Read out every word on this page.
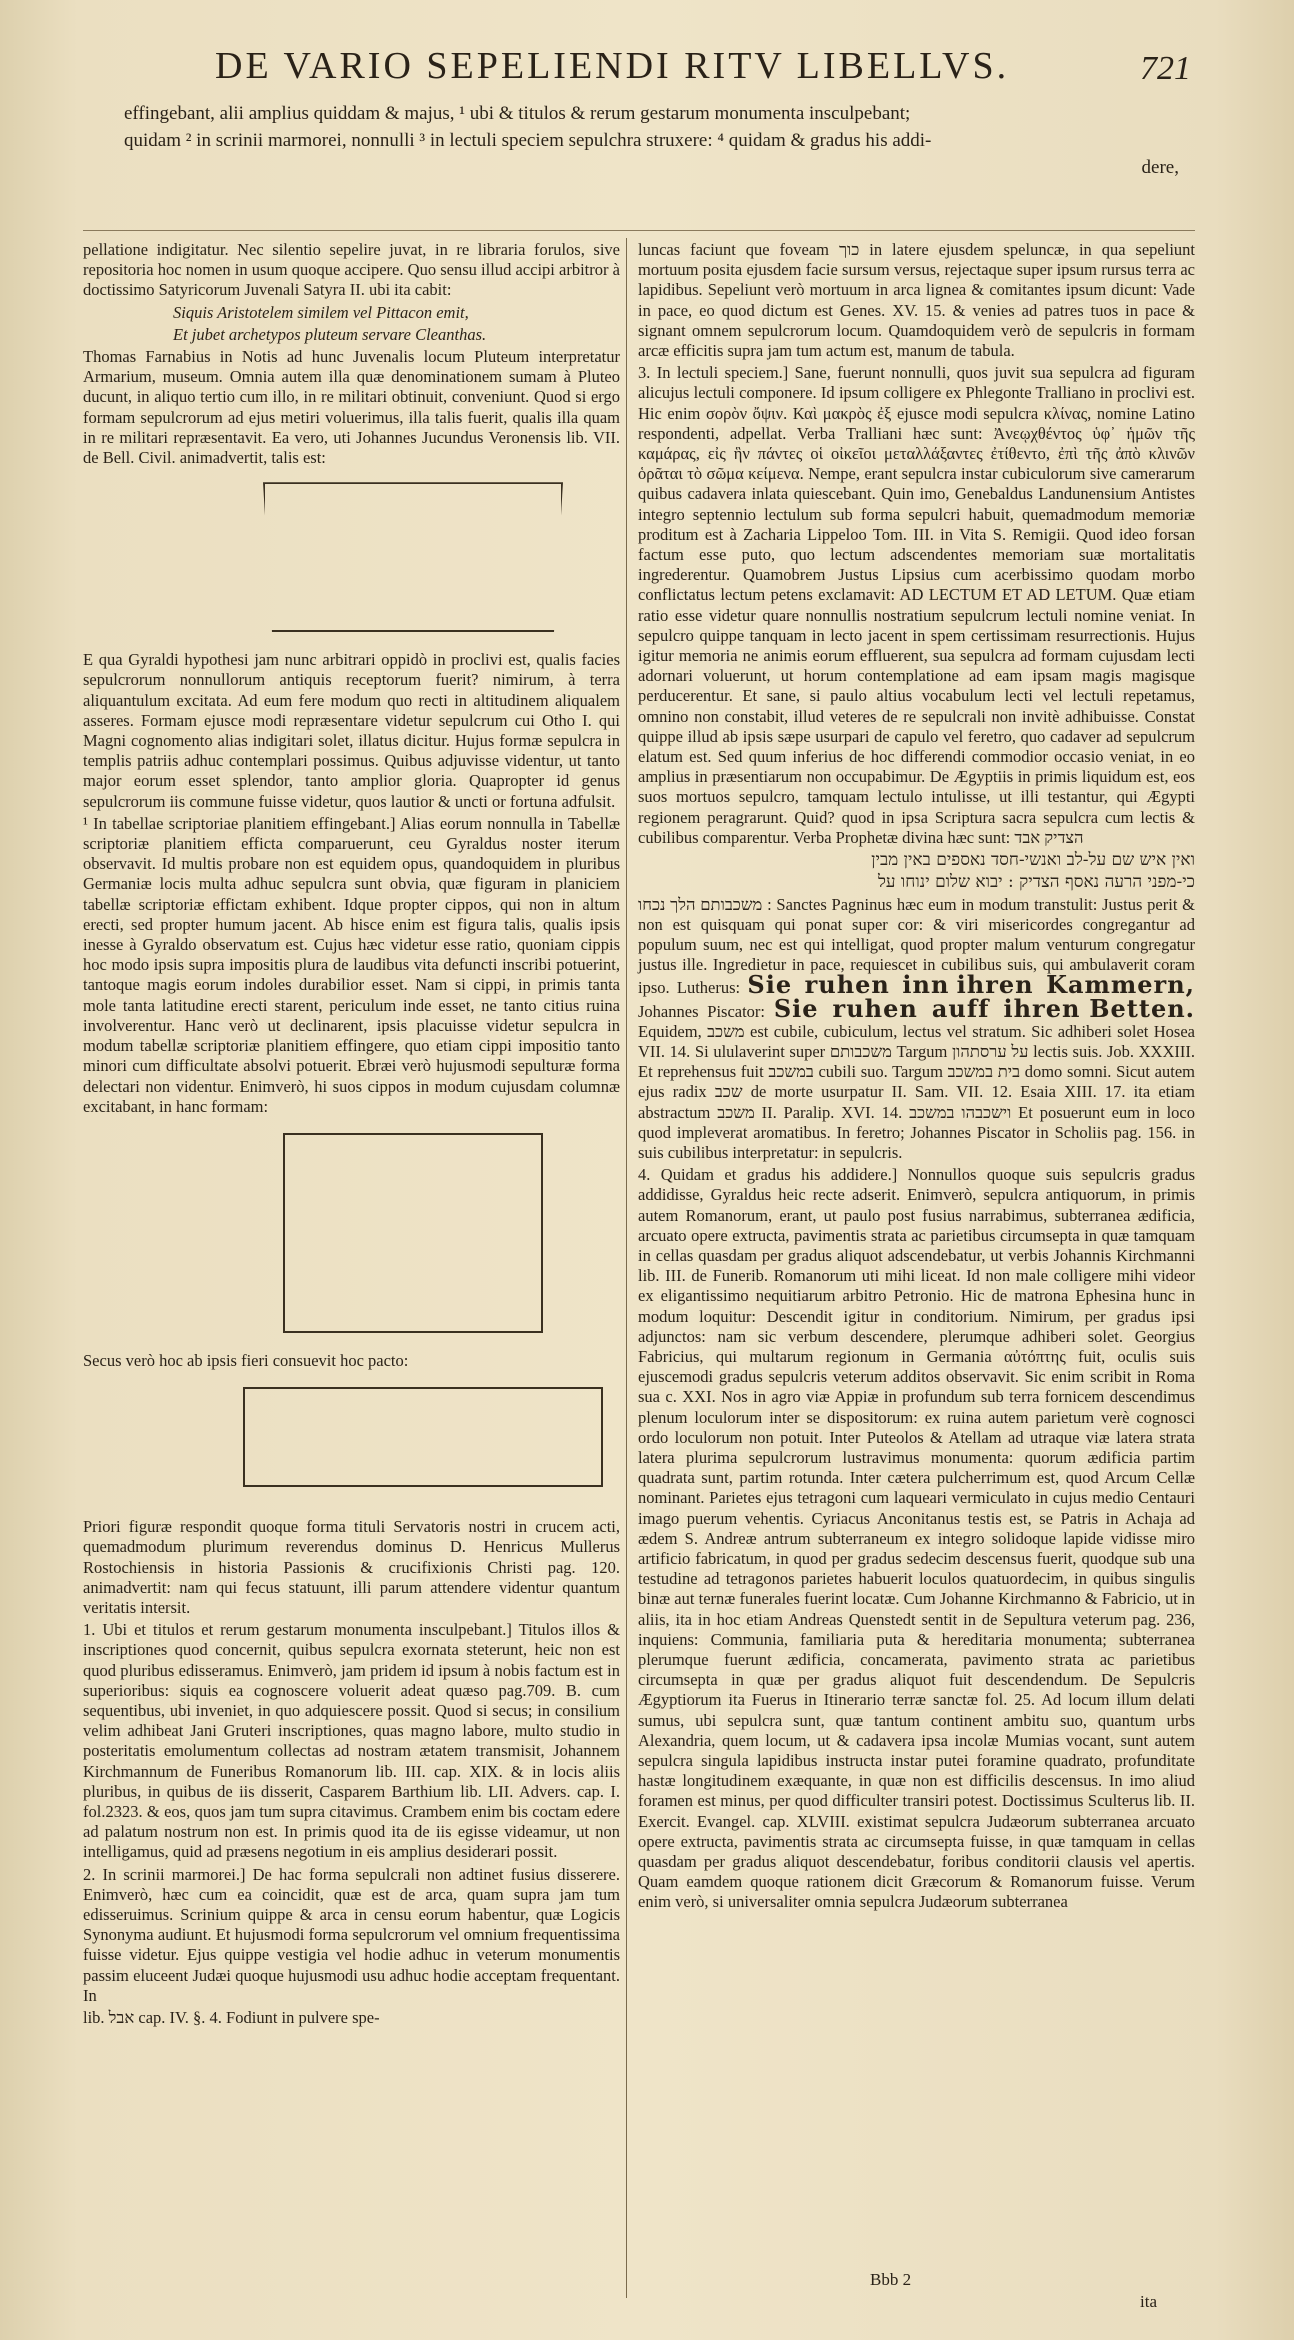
DE VARIO SEPELIENDI RITV LIBELLVS.	721

effingebant, alii amplius quiddam & majus, ¹ ubi & titulos & rerum gestarum monumenta insculpebant;

quidam ² in scrinii marmorei, nonnulli ³ in lectuli speciem sepulchra struxere: ⁴ quidam & gradus his addi-

dere,

pellatione indigitatur. Nec silentio sepelire juvat, in re libraria forulos, sive repositoria hoc nomen in usum quoque accipere. Quo sensu illud accipi arbitror à doctissimo Satyricorum Juvenali Satyra II. ubi ita cabit:

Siquis Aristotelem similem vel Pittacon emit,

Et jubet archetypos pluteum servare Cleanthas.

Thomas Farnabius in Notis ad hunc Juvenalis locum Pluteum interpretatur Armarium, museum. Omnia autem illa quæ denominationem sumam à Pluteo ducunt, in aliquo tertio cum illo, in re militari obtinuit, conveniunt. Quod si ergo formam sepulcrorum ad ejus metiri voluerimus, illa talis fuerit, qualis illa quam in re militari repræsentavit. Ea vero, uti Johannes Jucundus Veronensis lib. VII. de Bell. Civil. animadvertit, talis est:

E qua Gyraldi hypothesi jam nunc arbitrari oppidò in proclivi est, qualis facies sepulcrorum nonnullorum antiquis receptorum fuerit? nimirum, à terra aliquantulum excitata. Ad eum fere modum quo recti in altitudinem aliqualem asseres. Formam ejusce modi repræsentare videtur sepulcrum cui Otho I. qui Magni cognomento alias indigitari solet, illatus dicitur. Hujus formæ sepulcra in templis patriis adhuc contemplari possimus. Quibus adjuvisse videntur, ut tanto major eorum esset splendor, tanto amplior gloria. Quapropter id genus sepulcrorum iis commune fuisse videtur, quos lautior & uncti or fortuna adfulsit.

¹ In tabellae scriptoriae planitiem effingebant.] Alias eorum nonnulla in Tabellæ scriptoriæ planitiem efficta comparuerunt, ceu Gyraldus noster iterum observavit. Id multis probare non est equidem opus, quandoquidem in pluribus Germaniæ locis multa adhuc sepulcra sunt obvia, quæ figuram in planiciem tabellæ scriptoriæ effictam exhibent. Idque propter cippos, qui non in altum erecti, sed propter humum jacent. Ab hisce enim est figura talis, qualis ipsis inesse à Gyraldo observatum est. Cujus hæc videtur esse ratio, quoniam cippis hoc modo ipsis supra impositis plura de laudibus vita defuncti inscribi potuerint, tantoque magis eorum indoles durabilior esset. Nam si cippi, in primis tanta mole tanta latitudine erecti starent, periculum inde esset, ne tanto citius ruina involverentur. Hanc verò ut declinarent, ipsis placuisse videtur sepulcra in modum tabellæ scriptoriæ planitiem effingere, quo etiam cippi impositio tanto minori cum difficultate absolvi potuerit. Ebræi verò hujusmodi sepulturæ forma delectari non videntur. Enimverò, hi suos cippos in modum cujusdam columnæ excitabant, in hanc formam:

Secus verò hoc ab ipsis fieri consuevit hoc pacto:

Priori figuræ respondit quoque forma tituli Servatoris nostri in crucem acti, quemadmodum plurimum reverendus dominus D. Henricus Mullerus Rostochiensis in historia Passionis & crucifixionis Christi pag. 120. animadvertit: nam qui fecus statuunt, illi parum attendere videntur quantum veritatis intersit.

1. Ubi et titulos et rerum gestarum monumenta insculpebant.] Titulos illos & inscriptiones quod concernit, quibus sepulcra exornata steterunt, heic non est quod pluribus edisseramus. Enimverò, jam pridem id ipsum à nobis factum est in superioribus: siquis ea cognoscere voluerit adeat quæso pag.709. B. cum sequentibus, ubi inveniet, in quo adquiescere possit. Quod si secus; in consilium velim adhibeat Jani Gruteri inscriptiones, quas magno labore, multo studio in posteritatis emolumentum collectas ad nostram ætatem transmisit, Johannem Kirchmannum de Funeribus Romanorum lib. III. cap. XIX. & in locis aliis pluribus, in quibus de iis disserit, Casparem Barthium lib. LII. Advers. cap. I. fol.2323. & eos, quos jam tum supra citavimus. Crambem enim bis coctam edere ad palatum nostrum non est. In primis quod ita de iis egisse videamur, ut non intelligamus, quid ad præsens negotium in eis amplius desiderari possit.

2. In scrinii marmorei.] De hac forma sepulcrali non adtinet fusius disserere. Enimverò, hæc cum ea coincidit, quæ est de arca, quam supra jam tum edisseruimus. Scrinium quippe & arca in censu eorum habentur, quæ Logicis Synonyma audiunt. Et hujusmodi forma sepulcrorum vel omnium frequentissima fuisse videtur. Ejus quippe vestigia vel hodie adhuc in veterum monumentis passim eluceent Judæi quoque hujusmodi usu adhuc hodie acceptam frequentant. In

lib. אבל cap. IV. §. 4. Fodiunt in pulvere spe-

luncas faciunt que foveam כוך in latere ejusdem speluncæ, in qua sepeliunt mortuum posita ejusdem facie sursum versus, rejectaque super ipsum rursus terra ac lapidibus. Sepeliunt verò mortuum in arca lignea & comitantes ipsum dicunt: Vade in pace, eo quod dictum est Genes. XV. 15. & venies ad patres tuos in pace & signant omnem sepulcrorum locum. Quamdoquidem verò de sepulcris in formam arcæ efficitis supra jam tum actum est, manum de tabula.

3. In lectuli speciem.] Sane, fuerunt nonnulli, quos juvit sua sepulcra ad figuram alicujus lectuli componere. Id ipsum colligere ex Phlegonte Tralliano in proclivi est. Hic enim σορὸν ὄψιν. Καὶ μακρὸς ἐξ ejusce modi sepulcra κλίνας, nomine Latino respondenti, adpellat. Verba Tralliani hæc sunt: Ἀνεῳχθέντος ὑφ᾽ ἡμῶν τῆς καμάρας, εἰς ἣν πάντες οἱ οἰκεῖοι μεταλλάξαντες ἐτίθεντο, ἐπὶ τῆς ἀπὸ κλινῶν ὁρᾶται τὸ σῶμα κείμενα. Nempe, erant sepulcra instar cubiculorum sive camerarum quibus cadavera inlata quiescebant. Quin imo, Genebaldus Landunensium Antistes integro septennio lectulum sub forma sepulcri habuit, quemadmodum memoriæ proditum est à Zacharia Lippeloo Tom. III. in Vita S. Remigii. Quod ideo forsan factum esse puto, quo lectum adscendentes memoriam suæ mortalitatis ingrederentur. Quamobrem Justus Lipsius cum acerbissimo quodam morbo conflictatus lectum petens exclamavit: AD LECTUM ET AD LETUM. Quæ etiam ratio esse videtur quare nonnullis nostratium sepulcrum lectuli nomine veniat. In sepulcro quippe tanquam in lecto jacent in spem certissimam resurrectionis. Hujus igitur memoria ne animis eorum effluerent, sua sepulcra ad formam cujusdam lecti adornari voluerunt, ut horum contemplatione ad eam ipsam magis magisque perducerentur. Et sane, si paulo altius vocabulum lecti vel lectuli repetamus, omnino non constabit, illud veteres de re sepulcrali non invitè adhibuisse. Constat quippe illud ab ipsis sæpe usurpari de capulo vel feretro, quo cadaver ad sepulcrum elatum est. Sed quum inferius de hoc differendi commodior occasio veniat, in eo amplius in præsentiarum non occupabimur. De Ægyptiis in primis liquidum est, eos suos mortuos sepulcro, tamquam lectulo intulisse, ut illi testantur, qui Ægypti regionem peragrarunt. Quid? quod in ipsa Scriptura sacra sepulcra cum lectis & cubilibus comparentur. Verba Prophetæ divina hæc sunt: הצדיק אבד

ואין איש שם על-לב ואנשי-חסד נאספים באין מבין

כי-מפני הרעה נאסף הצדיק : יבוא שלום ינוחו על

משכבותם הלך נכחו : Sanctes Pagninus hæc eum in modum transtulit: Justus perit & non est quisquam qui ponat super cor: & viri misericordes congregantur ad populum suum, nec est qui intelligat, quod propter malum venturum congregatur justus ille. Ingredietur in pace, requiescet in cubilibus suis, qui ambulaverit coram ipso. Lutherus: Sie ruhen inn ihren Kammern, Johannes Piscator: Sie ruhen auff ihren Betten. Equidem, משכב est cubile, cubiculum, lectus vel stratum. Sic adhiberi solet Hosea VII. 14. Si ululaverint super משכבותם Targum על ערסתהון lectis suis. Job. XXXIII. Et reprehensus fuit במשכב cubili suo. Targum בית במשכב domo somni. Sicut autem ejus radix שכב de morte usurpatur II. Sam. VII. 12. Esaia XIII. 17. ita etiam abstractum משכב II. Paralip. XVI. 14. וישכבהו במשכב Et posuerunt eum in loco quod impleverat aromatibus. In feretro; Johannes Piscator in Scholiis pag. 156. in suis cubilibus interpretatur: in sepulcris.

4. Quidam et gradus his addidere.] Nonnullos quoque suis sepulcris gradus addidisse, Gyraldus heic recte adserit. Enimverò, sepulcra antiquorum, in primis autem Romanorum, erant, ut paulo post fusius narrabimus, subterranea ædificia, arcuato opere extructa, pavimentis strata ac parietibus circumsepta in quæ tamquam in cellas quasdam per gradus aliquot adscendebatur, ut verbis Johannis Kirchmanni lib. III. de Funerib. Romanorum uti mihi liceat. Id non male colligere mihi videor ex eligantissimo nequitiarum arbitro Petronio. Hic de matrona Ephesina hunc in modum loquitur: Descendit igitur in conditorium. Nimirum, per gradus ipsi adjunctos: nam sic verbum descendere, plerumque adhiberi solet. Georgius Fabricius, qui multarum regionum in Germania αὐτόπτης fuit, oculis suis ejuscemodi gradus sepulcris veterum additos observavit. Sic enim scribit in Roma sua c. XXI. Nos in agro viæ Appiæ in profundum sub terra fornicem descendimus plenum loculorum inter se dispositorum: ex ruina autem parietum verè cognosci ordo loculorum non potuit. Inter Puteolos & Atellam ad utraque viæ latera strata latera plurima sepulcrorum lustravimus monumenta: quorum ædificia partim quadrata sunt, partim rotunda. Inter cætera pulcherrimum est, quod Arcum Cellæ nominant. Parietes ejus tetragoni cum laqueari vermiculato in cujus medio Centauri imago puerum vehentis. Cyriacus Anconitanus testis est, se Patris in Achaja ad ædem S. Andreæ antrum subterraneum ex integro solidoque lapide vidisse miro artificio fabricatum, in quod per gradus sedecim descensus fuerit, quodque sub una testudine ad tetragonos parietes habuerit loculos quatuordecim, in quibus singulis binæ aut ternæ funerales fuerint locatæ. Cum Johanne Kirchmanno & Fabricio, ut in aliis, ita in hoc etiam Andreas Quenstedt sentit in de Sepultura veterum pag. 236, inquiens: Communia, familiaria puta & hereditaria monumenta; subterranea plerumque fuerunt ædificia, concamerata, pavimento strata ac parietibus circumsepta in quæ per gradus aliquot fuit descendendum. De Sepulcris Ægyptiorum ita Fuerus in Itinerario terræ sanctæ fol. 25. Ad locum illum delati sumus, ubi sepulcra sunt, quæ tantum continent ambitu suo, quantum urbs Alexandria, quem locum, ut & cadavera ipsa incolæ Mumias vocant, sunt autem sepulcra singula lapidibus instructa instar putei foramine quadrato, profunditate hastæ longitudinem exæquante, in quæ non est difficilis descensus. In imo aliud foramen est minus, per quod difficulter transiri potest. Doctissimus Sculterus lib. II. Exercit. Evangel. cap. XLVIII. existimat sepulcra Judæorum subterranea arcuato opere extructa, pavimentis strata ac circumsepta fuisse, in quæ tamquam in cellas quasdam per gradus aliquot descendebatur, foribus conditorii clausis vel apertis. Quam eamdem quoque rationem dicit Græcorum & Romanorum fuisse. Verum enim verò, si universaliter omnia sepulcra Judæorum subterranea

Bbb 2
ita
